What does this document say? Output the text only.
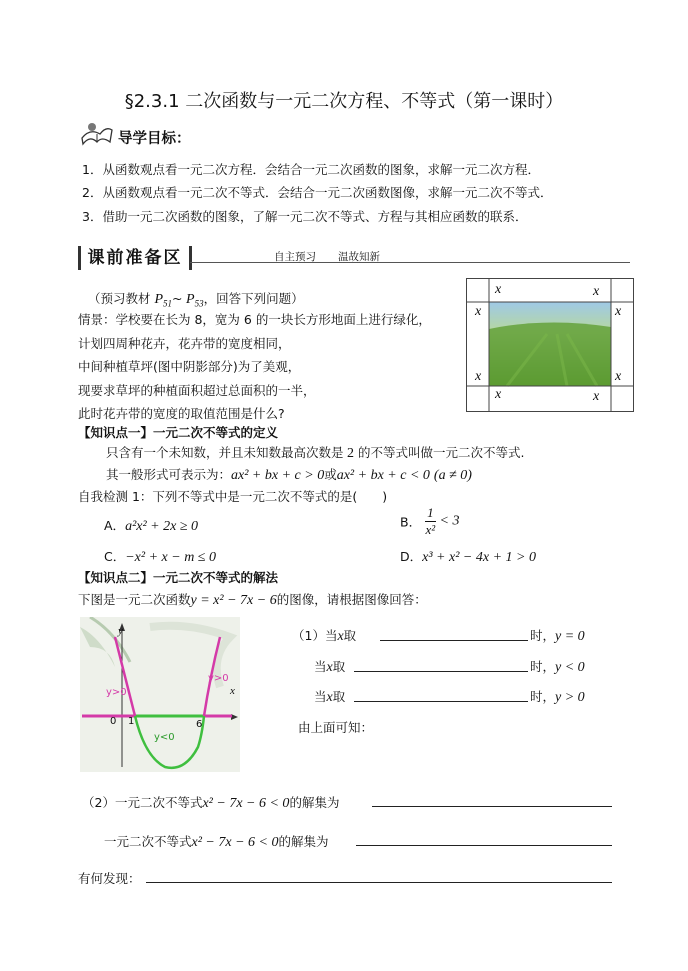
§2.3.1 二次函数与一元二次方程、不等式（第一课时）
导学目标：
1．从函数观点看一元二次方程．会结合一元二次函数的图象，求解一元二次方程．
2．从函数观点看一元二次不等式．会结合一元二次函数图像，求解一元二次不等式．
3．借助一元二次函数的图象，了解一元二次不等式、方程与其相应函数的联系．
课前准备区	自主预习 温故知新
（预习教材 $P_{51}\sim$ $P_{53}$，回答下列问题）
情景：学校要在长为 8，宽为 6 的一块长方形地面上进行绿化，
计划四周种花卉，花卉带的宽度相同，
中间种植草坪(图中阴影部分)为了美观，
现要求草坪的种植面积超过总面积的一半，
此时花卉带的宽度的取值范围是什么?
x	x
x	x
x	x
x	x
【知识点一】一元二次不等式的定义
只含有一个未知数，并且未知数最高次数是 2 的不等式叫做一元二次不等式.
其一般形式可表示为：ax² + bx + c > 0或ax² + bx + c < 0 (a ≠ 0)
自我检测 1：下列不等式中是一元二次不等式的是(　　)
A．a²x² + 2x ≥ 0	B． $\frac{1}{\text{x²}} < 3$
C．−x² + x − m ≤ 0	D．x³ + x² − 4x + 1 > 0
【知识点二】一元二次不等式的解法
下图是一元二次函数y = x² − 7x − 6的图像，请根据图像回答：
y
x
0 1	6
y>0
y>0
y<0
（1）当x取	时，y = 0
当x取	时，y < 0
当x取	时，y > 0
由上面可知：
（2）一元二次不等式x² − 7x − 6 < 0的解集为
一元二次不等式x² − 7x − 6 < 0的解集为
有何发现：
